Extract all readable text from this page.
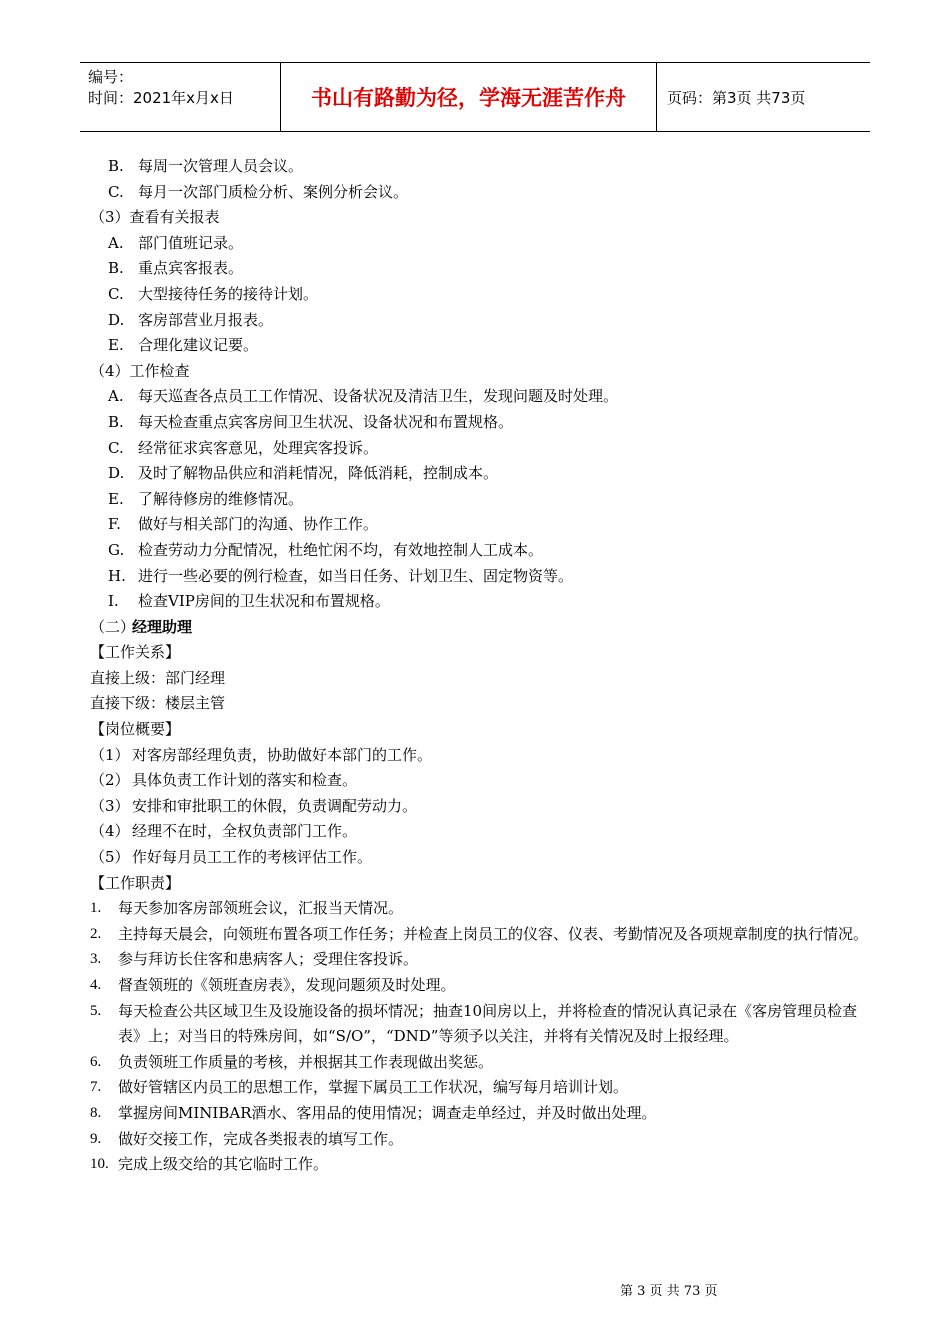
编号：
时间：2021年x月x日	书山有路勤为径，学海无涯苦作舟	页码：第3页 共73页
B. 每周一次管理人员会议。
C. 每月一次部门质检分析、案例分析会议。
（3）查看有关报表
A. 部门值班记录。
B. 重点宾客报表。
C. 大型接待任务的接待计划。
D. 客房部营业月报表。
E. 合理化建议记要。
（4）工作检查
A. 每天巡查各点员工工作情况、设备状况及清洁卫生，发现问题及时处理。
B. 每天检查重点宾客房间卫生状况、设备状况和布置规格。
C. 经常征求宾客意见，处理宾客投诉。
D. 及时了解物品供应和消耗情况，降低消耗，控制成本。
E. 了解待修房的维修情况。
F. 做好与相关部门的沟通、协作工作。
G. 检查劳动力分配情况，杜绝忙闲不均，有效地控制人工成本。
H. 进行一些必要的例行检查，如当日任务、计划卫生、固定物资等。
I. 检查VIP房间的卫生状况和布置规格。
（二）经理助理
【工作关系】
直接上级：部门经理
直接下级：楼层主管
【岗位概要】
（1） 对客房部经理负责，协助做好本部门的工作。
（2） 具体负责工作计划的落实和检查。
（3） 安排和审批职工的休假，负责调配劳动力。
（4） 经理不在时，全权负责部门工作。
（5） 作好每月员工工作的考核评估工作。
【工作职责】
1.	每天参加客房部领班会议，汇报当天情况。
2.	主持每天晨会，向领班布置各项工作任务；并检查上岗员工的仪容、仪表、考勤情况及各项规章制度的执行情况。
3.	参与拜访长住客和患病客人；受理住客投诉。
4.	督查领班的《领班查房表》，发现问题须及时处理。
5.	每天检查公共区域卫生及设施设备的损坏情况；抽查10间房以上，并将检查的情况认真记录在《客房管理员检查表》上；对当日的特殊房间，如“S/O”，“DND”等须予以关注，并将有关情况及时上报经理。
6.	负责领班工作质量的考核，并根据其工作表现做出奖惩。
7.	做好管辖区内员工的思想工作，掌握下属员工工作状况，编写每月培训计划。
8.	掌握房间MINIBAR酒水、客用品的使用情况；调查走单经过，并及时做出处理。
9.	做好交接工作，完成各类报表的填写工作。
10. 完成上级交给的其它临时工作。
第 3 页 共 73 页
